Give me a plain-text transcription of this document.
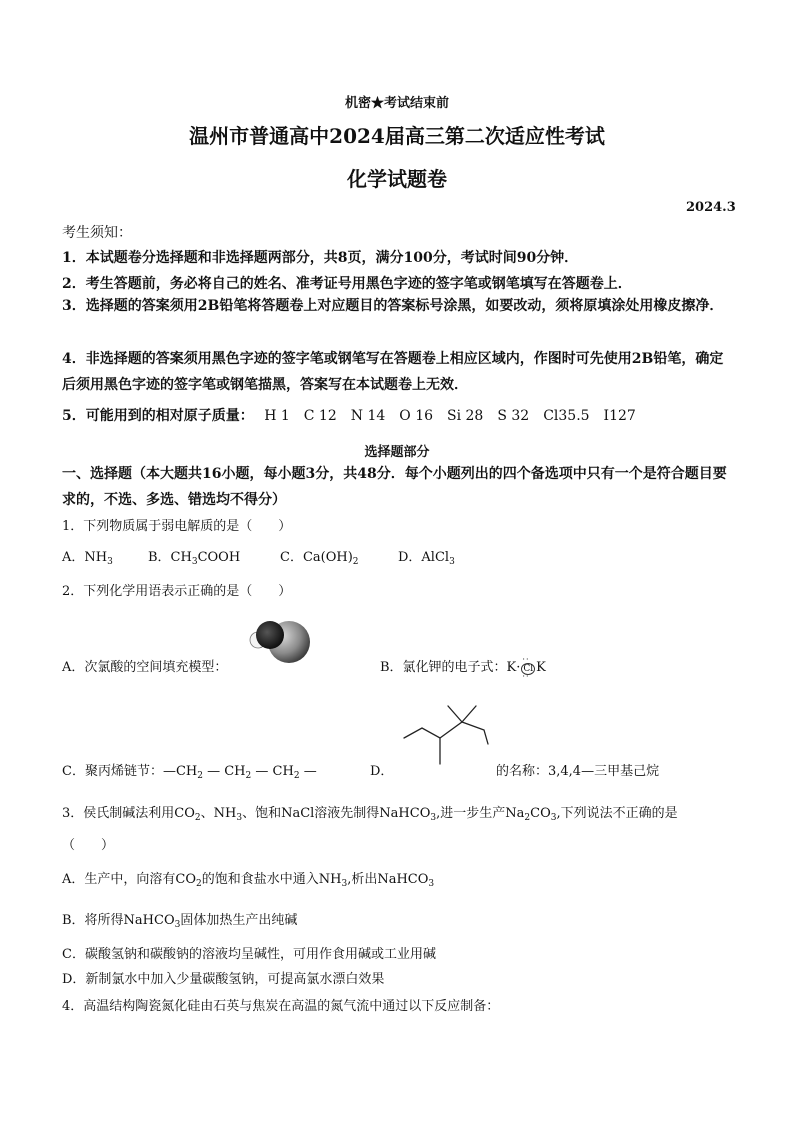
机密★考试结束前
温州市普通高中2024届高三第二次适应性考试
化学试题卷
2024.3
考生须知：
1．本试题卷分选择题和非选择题两部分，共8页，满分100分，考试时间90分钟．
2．考生答题前，务必将自己的姓名、准考证号用黑色字迹的签字笔或钢笔填写在答题卷上．
3．选择题的答案须用2B铅笔将答题卷上对应题目的答案标号涂黑，如要改动，须将原填涂处用橡皮擦净．
4．非选择题的答案须用黑色字迹的签字笔或钢笔写在答题卷上相应区域内，作图时可先使用2B铅笔，确定后须用黑色字迹的签字笔或钢笔描黑，答案写在本试题卷上无效．
5．可能用到的相对原子质量： H 1　C 12　N 14　O 16　Si 28　S 32　Cl35.5　I127
选择题部分
一、选择题（本大题共16小题，每小题3分，共48分．每个小题列出的四个备选项中只有一个是符合题目要求的，不选、多选、错选均不得分）
1．下列物质属于弱电解质的是（　　）
A．$NH_3$	B．$CH_3COOH$	C．$Ca(OH)_2$	D．AlCl$_3$
2．下列化学用语表示正确的是（　　）
A．次氯酸的空间填充模型：	B．氯化钾的电子式：K·
··
Cl
··
K
C．聚丙烯链节：$—CH_2$ — $CH_2$ — $CH_2$ —	D．	的名称：3,4,4—三甲基己烷
3．侯氏制碱法利用$CO_2$、$NH_3$、饱和NaCl溶液先制得NaHCO$_3$,进一步生产$Na_2CO_3$,下列说法不正确的是
（　　）
A．生产中，向溶有$CO_2$的饱和食盐水中通入$NH_3$,析出NaHCO$_3$
B．将所得NaHCO$_3$固体加热生产出纯碱
C．碳酸氢钠和碳酸钠的溶液均呈碱性，可用作食用碱或工业用碱
D．新制氯水中加入少量碳酸氢钠，可提高氯水漂白效果
4．高温结构陶瓷氮化硅由石英与焦炭在高温的氮气流中通过以下反应制备：
